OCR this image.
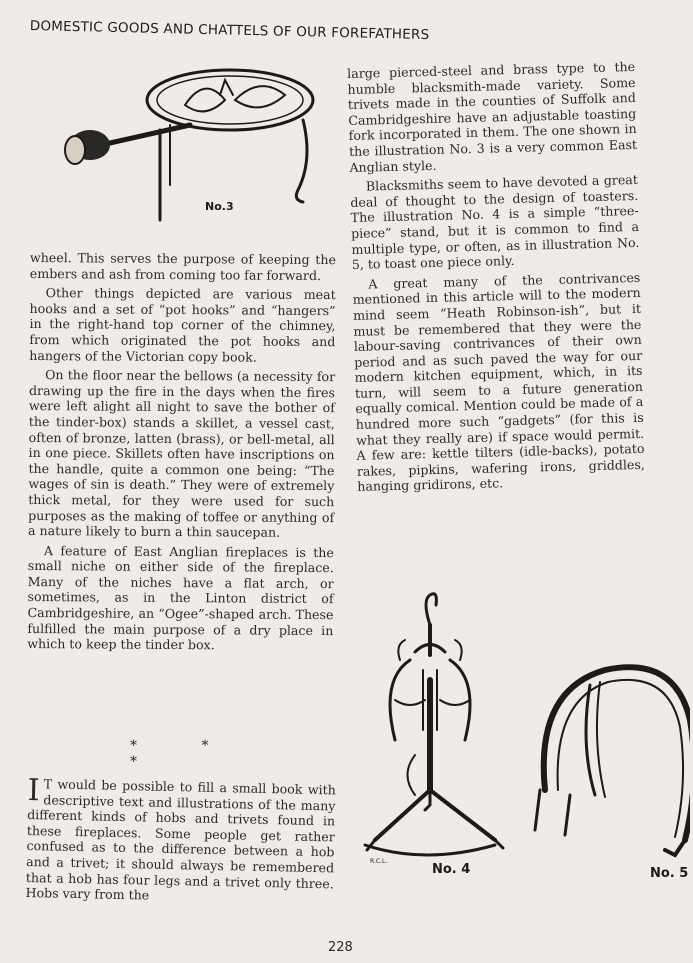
DOMESTIC GOODS AND CHATTELS OF OUR FOREFATHERS
No.3

wheel. This serves the purpose of keeping the embers and ash from coming too far forward.

Other things depicted are various meat hooks and a set of “pot hooks” and “hangers” in the right-hand top corner of the chimney, from which originated the pot hooks and hangers of the Victorian copy book.

On the floor near the bellows (a necessity for drawing up the fire in the days when the fires were left alight all night to save the bother of the tinder-box) stands a skillet, a vessel cast, often of bronze, latten (brass), or bell-metal, all in one piece. Skillets often have inscriptions on the handle, quite a common one being: “The wages of sin is death.” They were of extremely thick metal, for they were used for such purposes as the making of toffee or anything of a nature likely to burn a thin saucepan.

A feature of East Anglian fireplaces is the small niche on either side of the fireplace. Many of the niches have a flat arch, or sometimes, as in the Linton district of Cambridgeshire, an “Ogee”-shaped arch. These fulfilled the main purpose of a dry place in which to keep the tinder box.

* * *

I T would be possible to fill a small book with descriptive text and illustrations of the many different kinds of hobs and trivets found in these fireplaces. Some people get rather confused as to the difference between a hob and a trivet; it should always be remembered that a hob has four legs and a trivet only three. Hobs vary from the

large pierced-steel and brass type to the humble blacksmith-made variety. Some trivets made in the counties of Suffolk and Cambridgeshire have an adjustable toasting fork incorporated in them. The one shown in the illustration No. 3 is a very common East Anglian style.

Blacksmiths seem to have devoted a great deal of thought to the design of toasters. The illustration No. 4 is a simple “three-piece” stand, but it is common to find a multiple type, or often, as in illustration No. 5, to toast one piece only.

A great many of the contrivances mentioned in this article will to the modern mind seem “Heath Robinson-ish”, but it must be remembered that they were the labour-saving contrivances of their own period and as such paved the way for our modern kitchen equipment, which, in its turn, will seem to a future generation equally comical. Mention could be made of a hundred more such “gadgets” (for this is what they really are) if space would permit. A few are: kettle tilters (idle-backs), potato rakes, pipkins, wafering irons, griddles, hanging gridirons, etc.

R.C.L.
No. 4	No. 5
228
